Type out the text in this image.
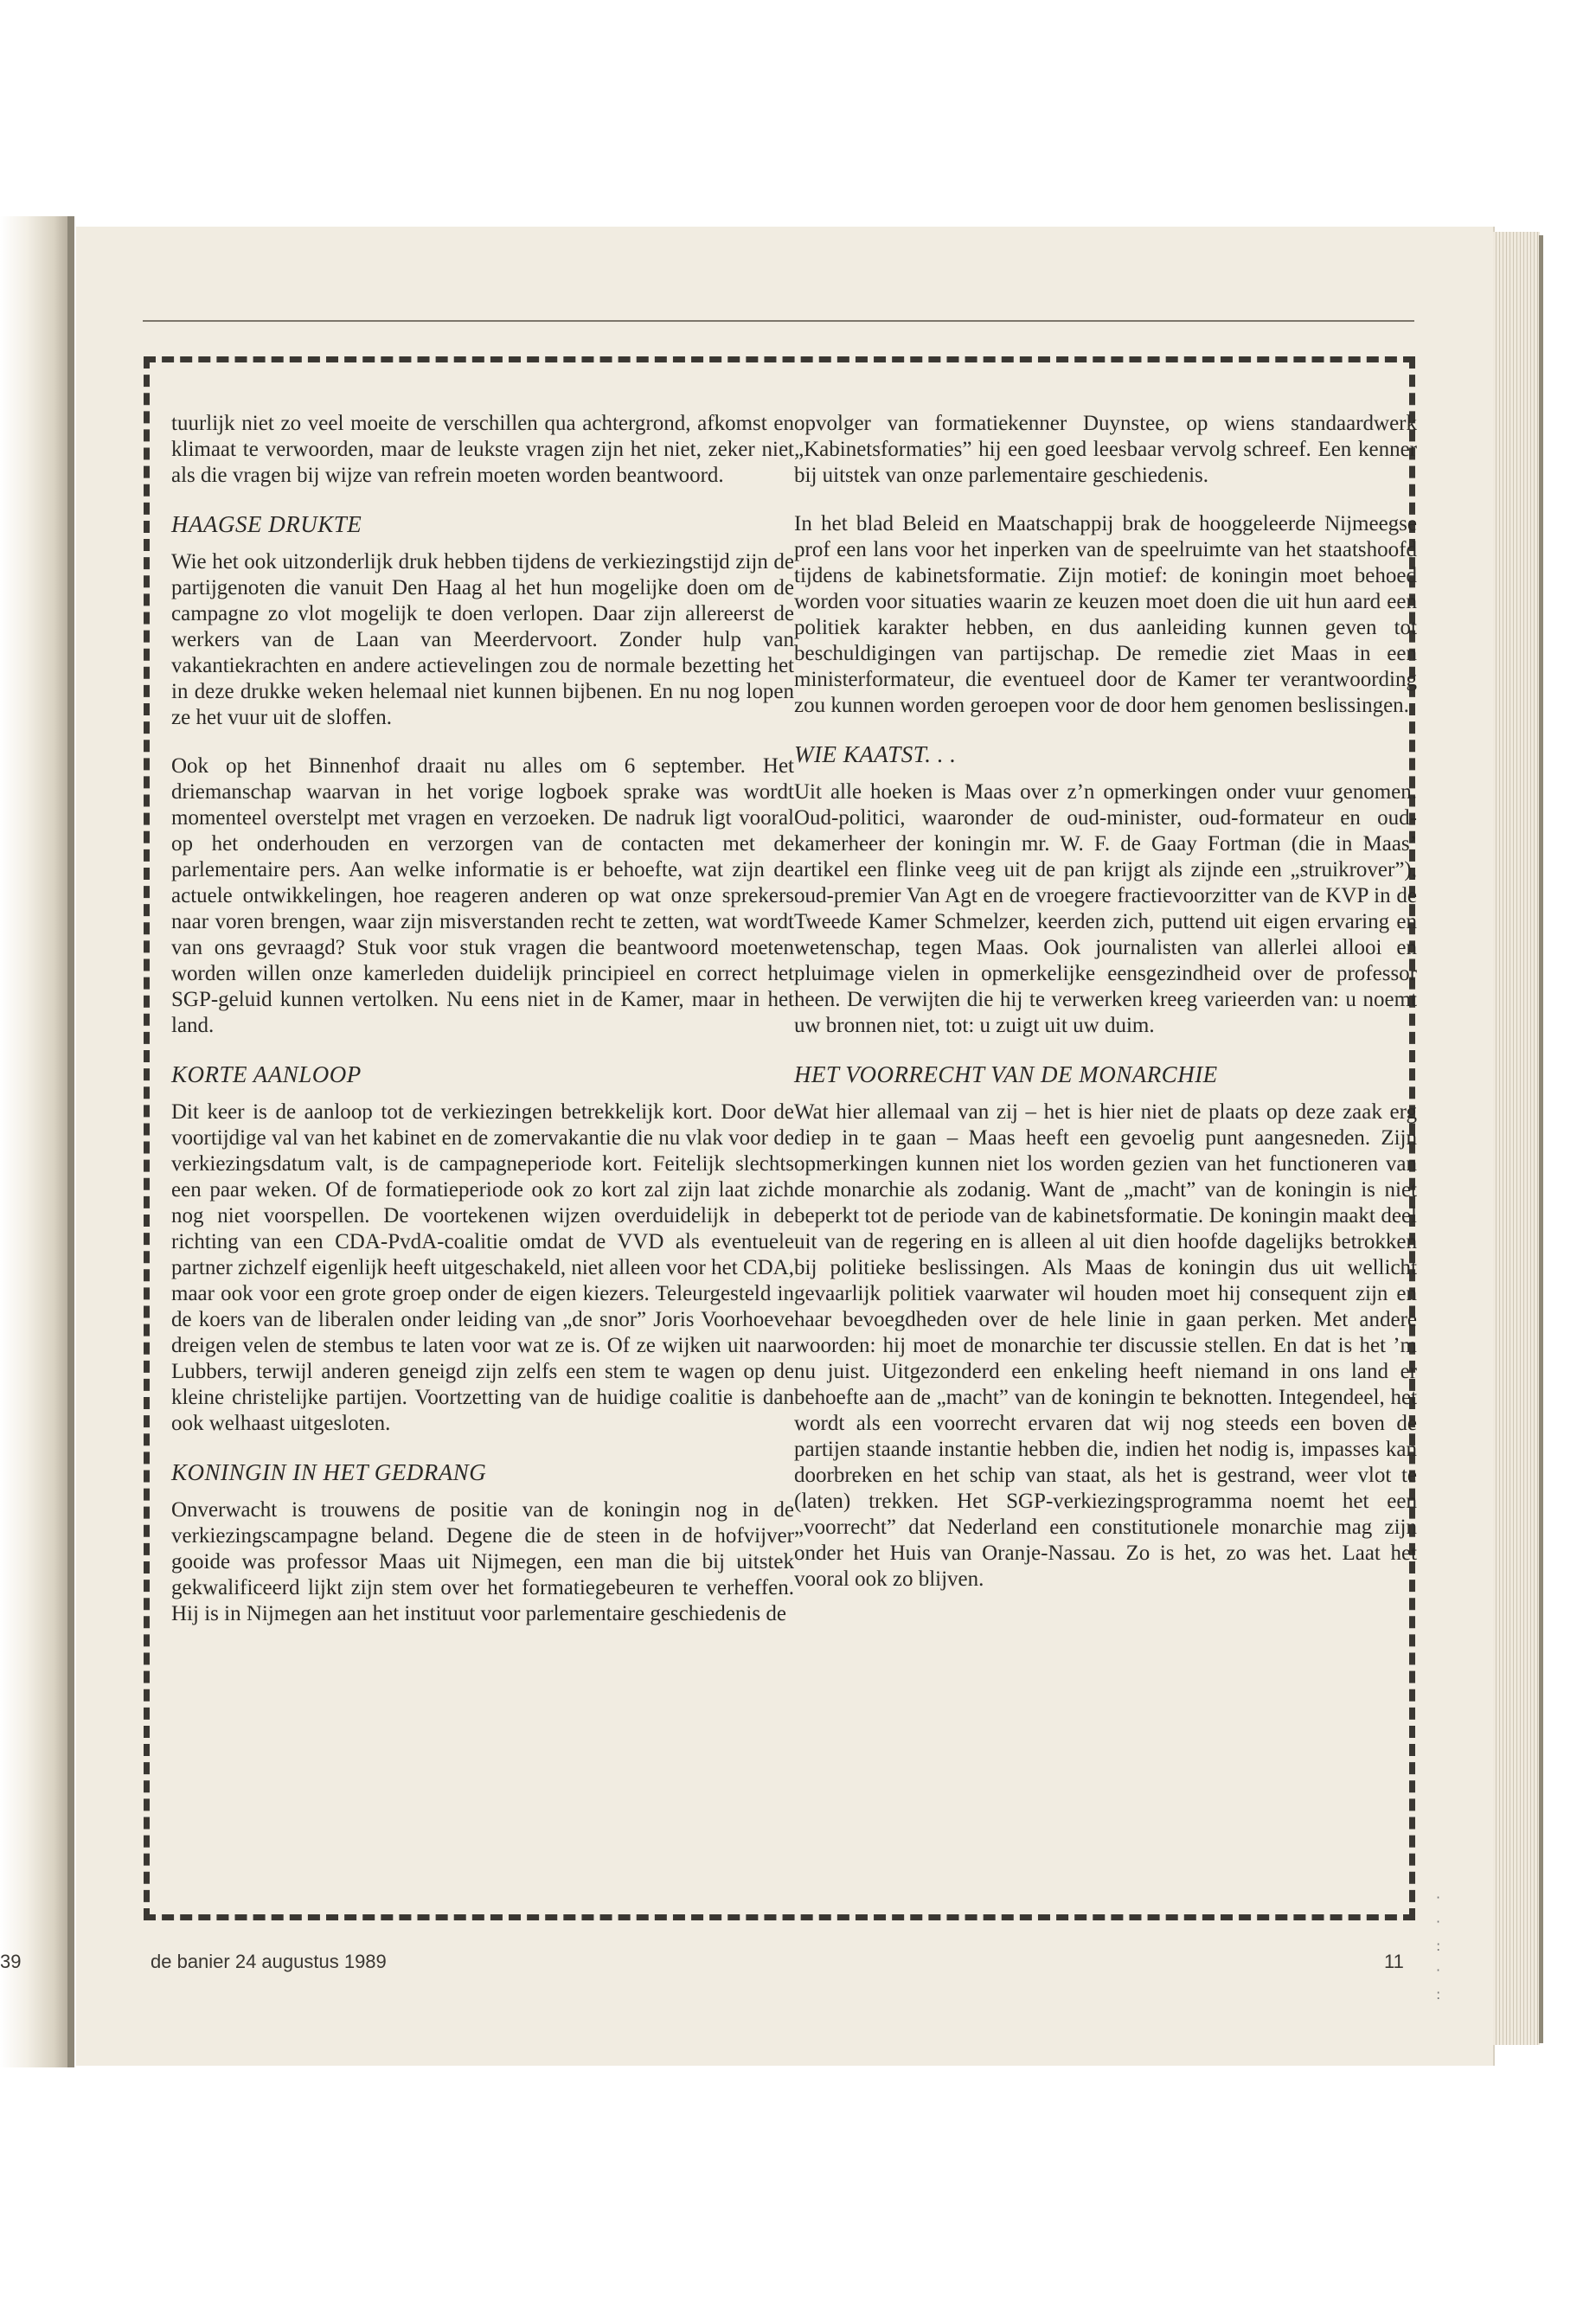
tuurlijk niet zo veel moeite de verschillen qua achtergrond, afkomst en klimaat te verwoorden, maar de leukste vragen zijn het niet, zeker niet als die vragen bij wijze van refrein moeten worden beantwoord.

HAAGSE DRUKTE

Wie het ook uitzonderlijk druk hebben tijdens de verkiezingstijd zijn de partijgenoten die vanuit Den Haag al het hun mogelijke doen om de campagne zo vlot mogelijk te doen verlopen. Daar zijn allereerst de werkers van de Laan van Meerdervoort. Zonder hulp van vakantiekrachten en andere actievelingen zou de normale bezetting het in deze drukke weken helemaal niet kunnen bijbenen. En nu nog lopen ze het vuur uit de sloffen.

Ook op het Binnenhof draait nu alles om 6 september. Het driemanschap waarvan in het vorige logboek sprake was wordt momenteel overstelpt met vragen en verzoeken. De nadruk ligt vooral op het onderhouden en verzorgen van de contacten met de parlementaire pers. Aan welke informatie is er behoefte, wat zijn de actuele ontwikkelingen, hoe reageren anderen op wat onze sprekers naar voren brengen, waar zijn misverstanden recht te zetten, wat wordt van ons gevraagd? Stuk voor stuk vragen die beantwoord moeten worden willen onze kamerleden duidelijk principieel en correct het SGP-geluid kunnen vertolken. Nu eens niet in de Kamer, maar in het land.

KORTE AANLOOP

Dit keer is de aanloop tot de verkiezingen betrekkelijk kort. Door de voortijdige val van het kabinet en de zomervakantie die nu vlak voor de verkiezingsdatum valt, is de campagneperiode kort. Feitelijk slechts een paar weken. Of de formatieperiode ook zo kort zal zijn laat zich nog niet voorspellen. De voortekenen wijzen overduidelijk in de richting van een CDA-PvdA-coalitie omdat de VVD als eventuele partner zichzelf eigenlijk heeft uitgeschakeld, niet alleen voor het CDA, maar ook voor een grote groep onder de eigen kiezers. Teleurgesteld in de koers van de liberalen onder leiding van „de snor” Joris Voorhoeve dreigen velen de stembus te laten voor wat ze is. Of ze wijken uit naar Lubbers, terwijl anderen geneigd zijn zelfs een stem te wagen op de kleine christelijke partijen. Voortzetting van de huidige coalitie is dan ook welhaast uitgesloten.

KONINGIN IN HET GEDRANG

Onverwacht is trouwens de positie van de koningin nog in de verkiezingscampagne beland. Degene die de steen in de hofvijver gooide was professor Maas uit Nijmegen, een man die bij uitstek gekwalificeerd lijkt zijn stem over het formatiegebeuren te verheffen. Hij is in Nijmegen aan het instituut voor parlementaire geschiedenis de

opvolger van formatiekenner Duynstee, op wiens standaardwerk „Kabinetsformaties” hij een goed leesbaar vervolg schreef. Een kenner bij uitstek van onze parlementaire geschiedenis.

In het blad Beleid en Maatschappij brak de hooggeleerde Nijmeegse prof een lans voor het inperken van de speelruimte van het staatshoofd tijdens de kabinetsformatie. Zijn motief: de koningin moet behoed worden voor situaties waarin ze keuzen moet doen die uit hun aard een politiek karakter hebben, en dus aanleiding kunnen geven tot beschuldigingen van partijschap. De remedie ziet Maas in een ministerformateur, die eventueel door de Kamer ter verantwoording zou kunnen worden geroepen voor de door hem genomen beslissingen.

WIE KAATST. . .

Uit alle hoeken is Maas over z’n opmerkingen onder vuur genomen. Oud-politici, waaronder de oud-minister, oud-formateur en oud-kamerheer der koningin mr. W. F. de Gaay Fortman (die in Maas’ artikel een flinke veeg uit de pan krijgt als zijnde een „struikrover”), oud-premier Van Agt en de vroegere fractievoorzitter van de KVP in de Tweede Kamer Schmelzer, keerden zich, puttend uit eigen ervaring en wetenschap, tegen Maas. Ook journalisten van allerlei allooi en pluimage vielen in opmerkelijke eensgezindheid over de professor heen. De verwijten die hij te verwerken kreeg varieerden van: u noemt uw bronnen niet, tot: u zuigt uit uw duim.

HET VOORRECHT VAN DE MONARCHIE

Wat hier allemaal van zij – het is hier niet de plaats op deze zaak erg diep in te gaan – Maas heeft een gevoelig punt aangesneden. Zijn opmerkingen kunnen niet los worden gezien van het functioneren van de monarchie als zodanig. Want de „macht” van de koningin is niet beperkt tot de periode van de kabinetsformatie. De koningin maakt deel uit van de regering en is alleen al uit dien hoofde dagelijks betrokken bij politieke beslissingen. Als Maas de koningin dus uit wellicht gevaarlijk politiek vaarwater wil houden moet hij consequent zijn en haar bevoegdheden over de hele linie in gaan perken. Met andere woorden: hij moet de monarchie ter discussie stellen. En dat is het ’m nu juist. Uitgezonderd een enkeling heeft niemand in ons land er behoefte aan de „macht” van de koningin te beknotten. Integendeel, het wordt als een voorrecht ervaren dat wij nog steeds een boven de partijen staande instantie hebben die, indien het nodig is, impasses kan doorbreken en het schip van staat, als het is gestrand, weer vlot te (laten) trekken. Het SGP-verkiezingsprogramma noemt het een „voorrecht” dat Nederland een constitutionele monarchie mag zijn onder het Huis van Oranje-Nassau. Zo is het, zo was het. Laat het vooral ook zo blijven.

39	de banier 24 augustus 1989	11
·
·
:
·
:
